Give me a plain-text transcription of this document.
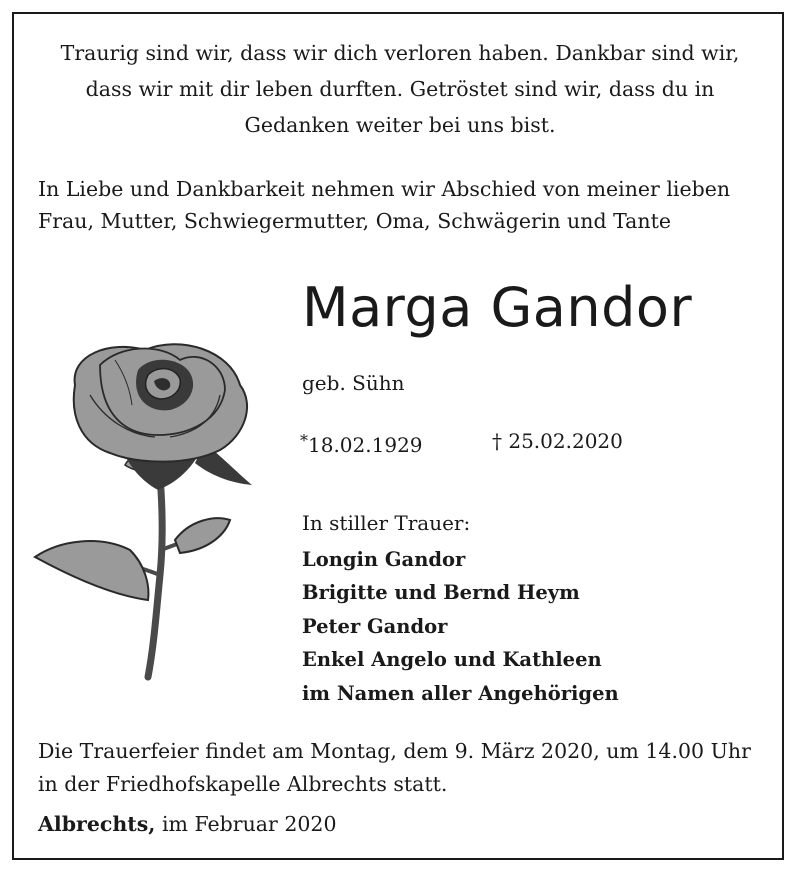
Traurig sind wir, dass wir dich verloren haben. Dankbar sind wir,

dass wir mit dir leben durften. Getröstet sind wir, dass du in

Gedanken weiter bei uns bist.

In Liebe und Dankbarkeit nehmen wir Abschied von meiner lieben

Frau, Mutter, Schwiegermutter, Oma, Schwägerin und Tante

Marga Gandor

geb. Sühn

*18.02.1929	† 25.02.2020

In stiller Trauer:

Longin Gandor

Brigitte und Bernd Heym

Peter Gandor

Enkel Angelo und Kathleen

im Namen aller Angehörigen

Die Trauerfeier findet am Montag, dem 9. März 2020, um 14.00 Uhr

in der Friedhofskapelle Albrechts statt.

Albrechts, im Februar 2020
